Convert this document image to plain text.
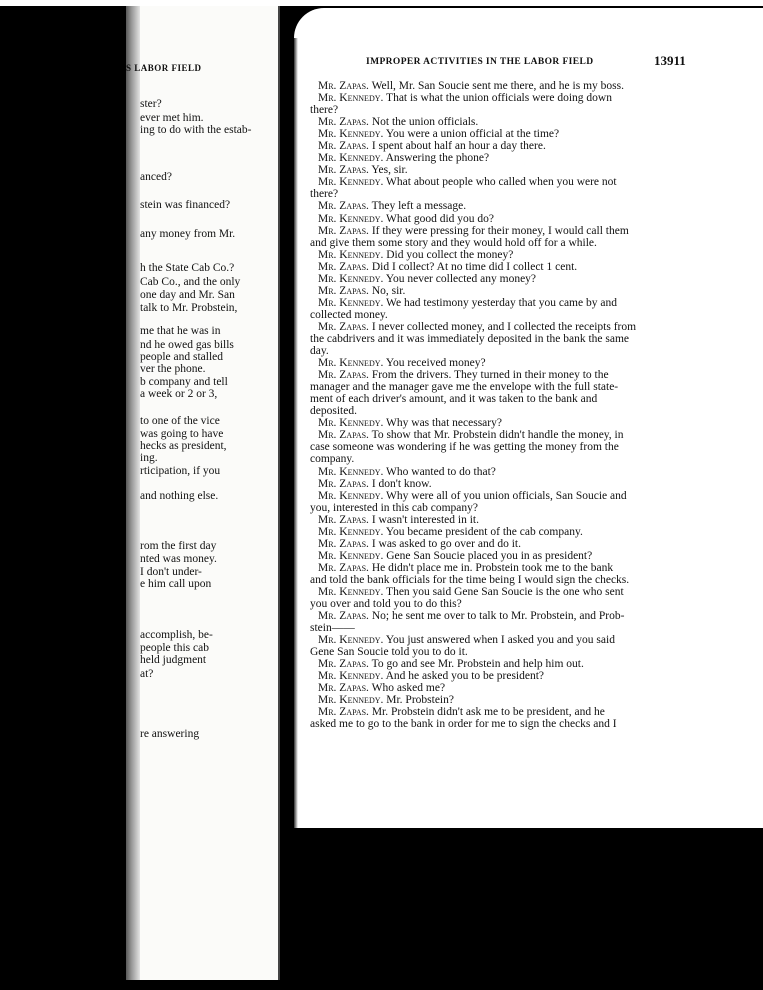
S LABOR FIELD
ster?
ever met him.
ing to do with the estab-
anced?
stein was financed?
any money from Mr.
h the State Cab Co.?
Cab Co., and the only
one day and Mr. San
talk to Mr. Probstein,
me that he was in
nd he owed gas bills
people and stalled
ver the phone.
b company and tell
a week or 2 or 3,
to one of the vice
was going to have
hecks as president,
ing.
rticipation, if you
and nothing else.
rom the first day
nted was money.
I don't under-
e him call upon
accomplish, be-
people this cab
held judgment
at?
re answering
IMPROPER ACTIVITIES IN THE LABOR FIELD	13911
Mr. Zapas. Well, Mr. San Soucie sent me there, and he is my boss.
Mr. Kennedy. That is what the union officials were doing down
there?
Mr. Zapas. Not the union officials.
Mr. Kennedy. You were a union official at the time?
Mr. Zapas. I spent about half an hour a day there.
Mr. Kennedy. Answering the phone?
Mr. Zapas. Yes, sir.
Mr. Kennedy. What about people who called when you were not
there?
Mr. Zapas. They left a message.
Mr. Kennedy. What good did you do?
Mr. Zapas. If they were pressing for their money, I would call them
and give them some story and they would hold off for a while.
Mr. Kennedy. Did you collect the money?
Mr. Zapas. Did I collect? At no time did I collect 1 cent.
Mr. Kennedy. You never collected any money?
Mr. Zapas. No, sir.
Mr. Kennedy. We had testimony yesterday that you came by and
collected money.
Mr. Zapas. I never collected money, and I collected the receipts from
the cabdrivers and it was immediately deposited in the bank the same
day.
Mr. Kennedy. You received money?
Mr. Zapas. From the drivers. They turned in their money to the
manager and the manager gave me the envelope with the full state-
ment of each driver's amount, and it was taken to the bank and
deposited.
Mr. Kennedy. Why was that necessary?
Mr. Zapas. To show that Mr. Probstein didn't handle the money, in
case someone was wondering if he was getting the money from the
company.
Mr. Kennedy. Who wanted to do that?
Mr. Zapas. I don't know.
Mr. Kennedy. Why were all of you union officials, San Soucie and
you, interested in this cab company?
Mr. Zapas. I wasn't interested in it.
Mr. Kennedy. You became president of the cab company.
Mr. Zapas. I was asked to go over and do it.
Mr. Kennedy. Gene San Soucie placed you in as president?
Mr. Zapas. He didn't place me in. Probstein took me to the bank
and told the bank officials for the time being I would sign the checks.
Mr. Kennedy. Then you said Gene San Soucie is the one who sent
you over and told you to do this?
Mr. Zapas. No; he sent me over to talk to Mr. Probstein, and Prob-
stein——
Mr. Kennedy. You just answered when I asked you and you said
Gene San Soucie told you to do it.
Mr. Zapas. To go and see Mr. Probstein and help him out.
Mr. Kennedy. And he asked you to be president?
Mr. Zapas. Who asked me?
Mr. Kennedy. Mr. Probstein?
Mr. Zapas. Mr. Probstein didn't ask me to be president, and he
asked me to go to the bank in order for me to sign the checks and I
